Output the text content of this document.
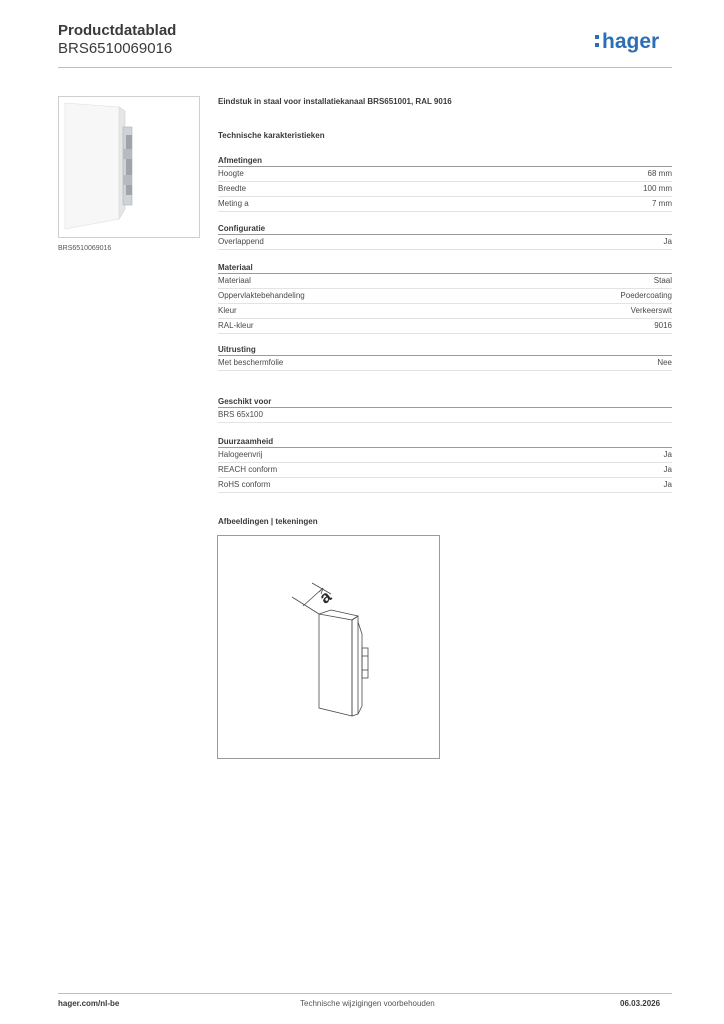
Productdatablad
BRS6510069016	hager
BRS6510069016
Eindstuk in staal voor installatiekanaal BRS651001, RAL 9016
Technische karakteristieken
Afmetingen
Hoogte	68 mm
Breedte	100 mm
Meting a	7 mm
Configuratie
Overlappend	Ja
Materiaal
Materiaal	Staal
Oppervlaktebehandeling	Poedercoating
Kleur	Verkeerswit
RAL-kleur	9016
Uitrusting
Met beschermfolie	Nee
Geschikt voor
BRS 65x100
Duurzaamheid
Halogeenvrij	Ja
REACH conform	Ja
RoHS conform	Ja
Afbeeldingen | tekeningen
a
hager.com/nl-be	Technische wijzigingen voorbehouden	06.03.2026
